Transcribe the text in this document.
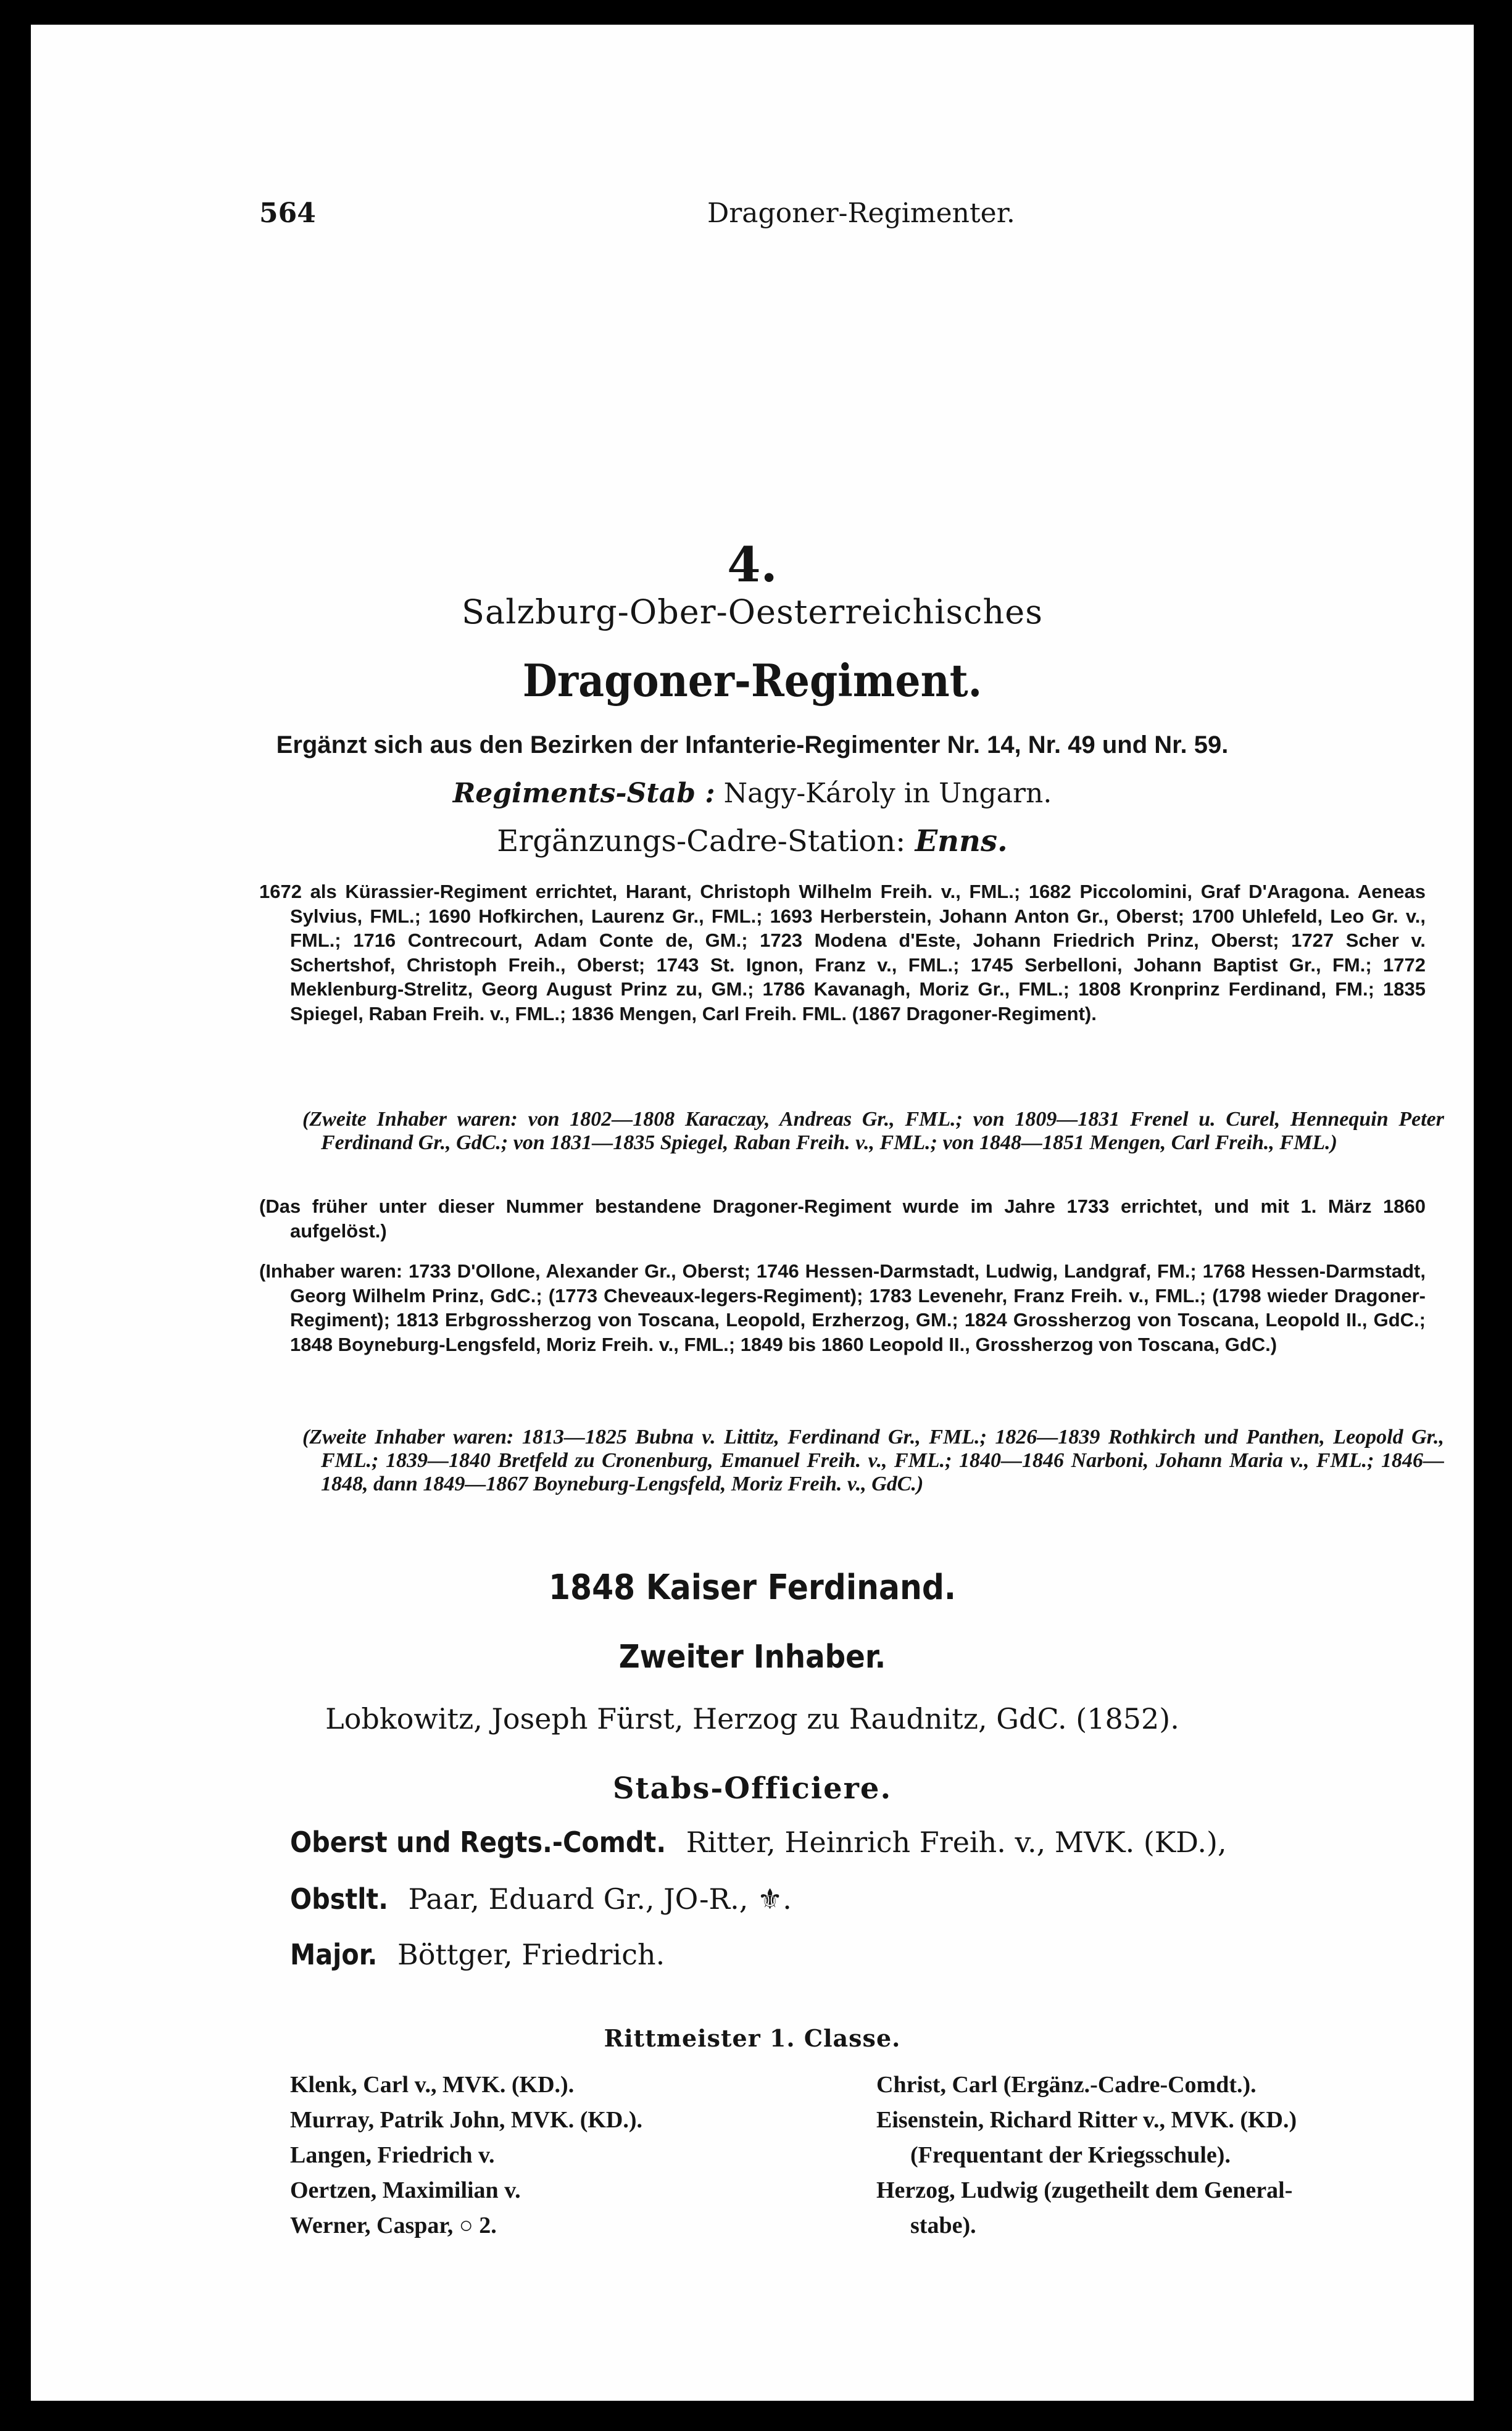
564	Dragoner-Regimenter.
4.
Salzburg-Ober-Oesterreichisches
Dragoner-Regiment.
Ergänzt sich aus den Bezirken der Infanterie-Regimenter Nr. 14, Nr. 49 und Nr. 59.
Regiments-Stab : Nagy-Károly in Ungarn.
Ergänzungs-Cadre-Station: Enns.
1672 als Kürassier-Regiment errichtet, Harant, Christoph Wilhelm Freih. v., FML.; 1682 Piccolomini, Graf D'Aragona. Aeneas Sylvius, FML.; 1690 Hofkirchen, Laurenz Gr., FML.; 1693 Herberstein, Johann Anton Gr., Oberst; 1700 Uhlefeld, Leo Gr. v., FML.; 1716 Contrecourt, Adam Conte de, GM.; 1723 Modena d'Este, Johann Friedrich Prinz, Oberst; 1727 Scher v. Schertshof, Christoph Freih., Oberst; 1743 St. Ignon, Franz v., FML.; 1745 Serbelloni, Johann Baptist Gr., FM.; 1772 Meklenburg-Strelitz, Georg August Prinz zu, GM.; 1786 Kavanagh, Moriz Gr., FML.; 1808 Kronprinz Ferdinand, FM.; 1835 Spiegel, Raban Freih. v., FML.; 1836 Mengen, Carl Freih. FML. (1867 Dragoner-Regiment).
(Zweite Inhaber waren: von 1802—1808 Karaczay, Andreas Gr., FML.; von 1809—1831 Frenel u. Curel, Hennequin Peter Ferdinand Gr., GdC.; von 1831—1835 Spiegel, Raban Freih. v., FML.; von 1848—1851 Mengen, Carl Freih., FML.)
(Das früher unter dieser Nummer bestandene Dragoner-Regiment wurde im Jahre 1733 errichtet, und mit 1. März 1860 aufgelöst.)
(Inhaber waren: 1733 D'Ollone, Alexander Gr., Oberst; 1746 Hessen-Darmstadt, Ludwig, Landgraf, FM.; 1768 Hessen-Darmstadt, Georg Wilhelm Prinz, GdC.; (1773 Cheveaux-legers-Regiment); 1783 Levenehr, Franz Freih. v., FML.; (1798 wieder Dragoner-Regiment); 1813 Erbgrossherzog von Toscana, Leopold, Erzherzog, GM.; 1824 Grossherzog von Toscana, Leopold II., GdC.; 1848 Boyneburg-Lengsfeld, Moriz Freih. v., FML.; 1849 bis 1860 Leopold II., Grossherzog von Toscana, GdC.)
(Zweite Inhaber waren: 1813—1825 Bubna v. Littitz, Ferdinand Gr., FML.; 1826—1839 Rothkirch und Panthen, Leopold Gr., FML.; 1839—1840 Bretfeld zu Cronenburg, Emanuel Freih. v., FML.; 1840—1846 Narboni, Johann Maria v., FML.; 1846—1848, dann 1849—1867 Boyneburg-Lengsfeld, Moriz Freih. v., GdC.)
1848 Kaiser Ferdinand.
Zweiter Inhaber.
Lobkowitz, Joseph Fürst, Herzog zu Raudnitz, GdC. (1852).
Stabs-Officiere.
Oberst und Regts.-Comdt. Ritter, Heinrich Freih. v., MVK. (KD.),
Obstlt. Paar, Eduard Gr., JO-R., ⚜.
Major. Böttger, Friedrich.
Rittmeister 1. Classe.
Klenk, Carl v., MVK. (KD.).
Murray, Patrik John, MVK. (KD.).
Langen, Friedrich v.
Oertzen, Maximilian v.
Werner, Caspar, ○ 2.
Christ, Carl (Ergänz.-Cadre-Comdt.).
Eisenstein, Richard Ritter v., MVK. (KD.)
(Frequentant der Kriegsschule).
Herzog, Ludwig (zugetheilt dem General-
stabe).
